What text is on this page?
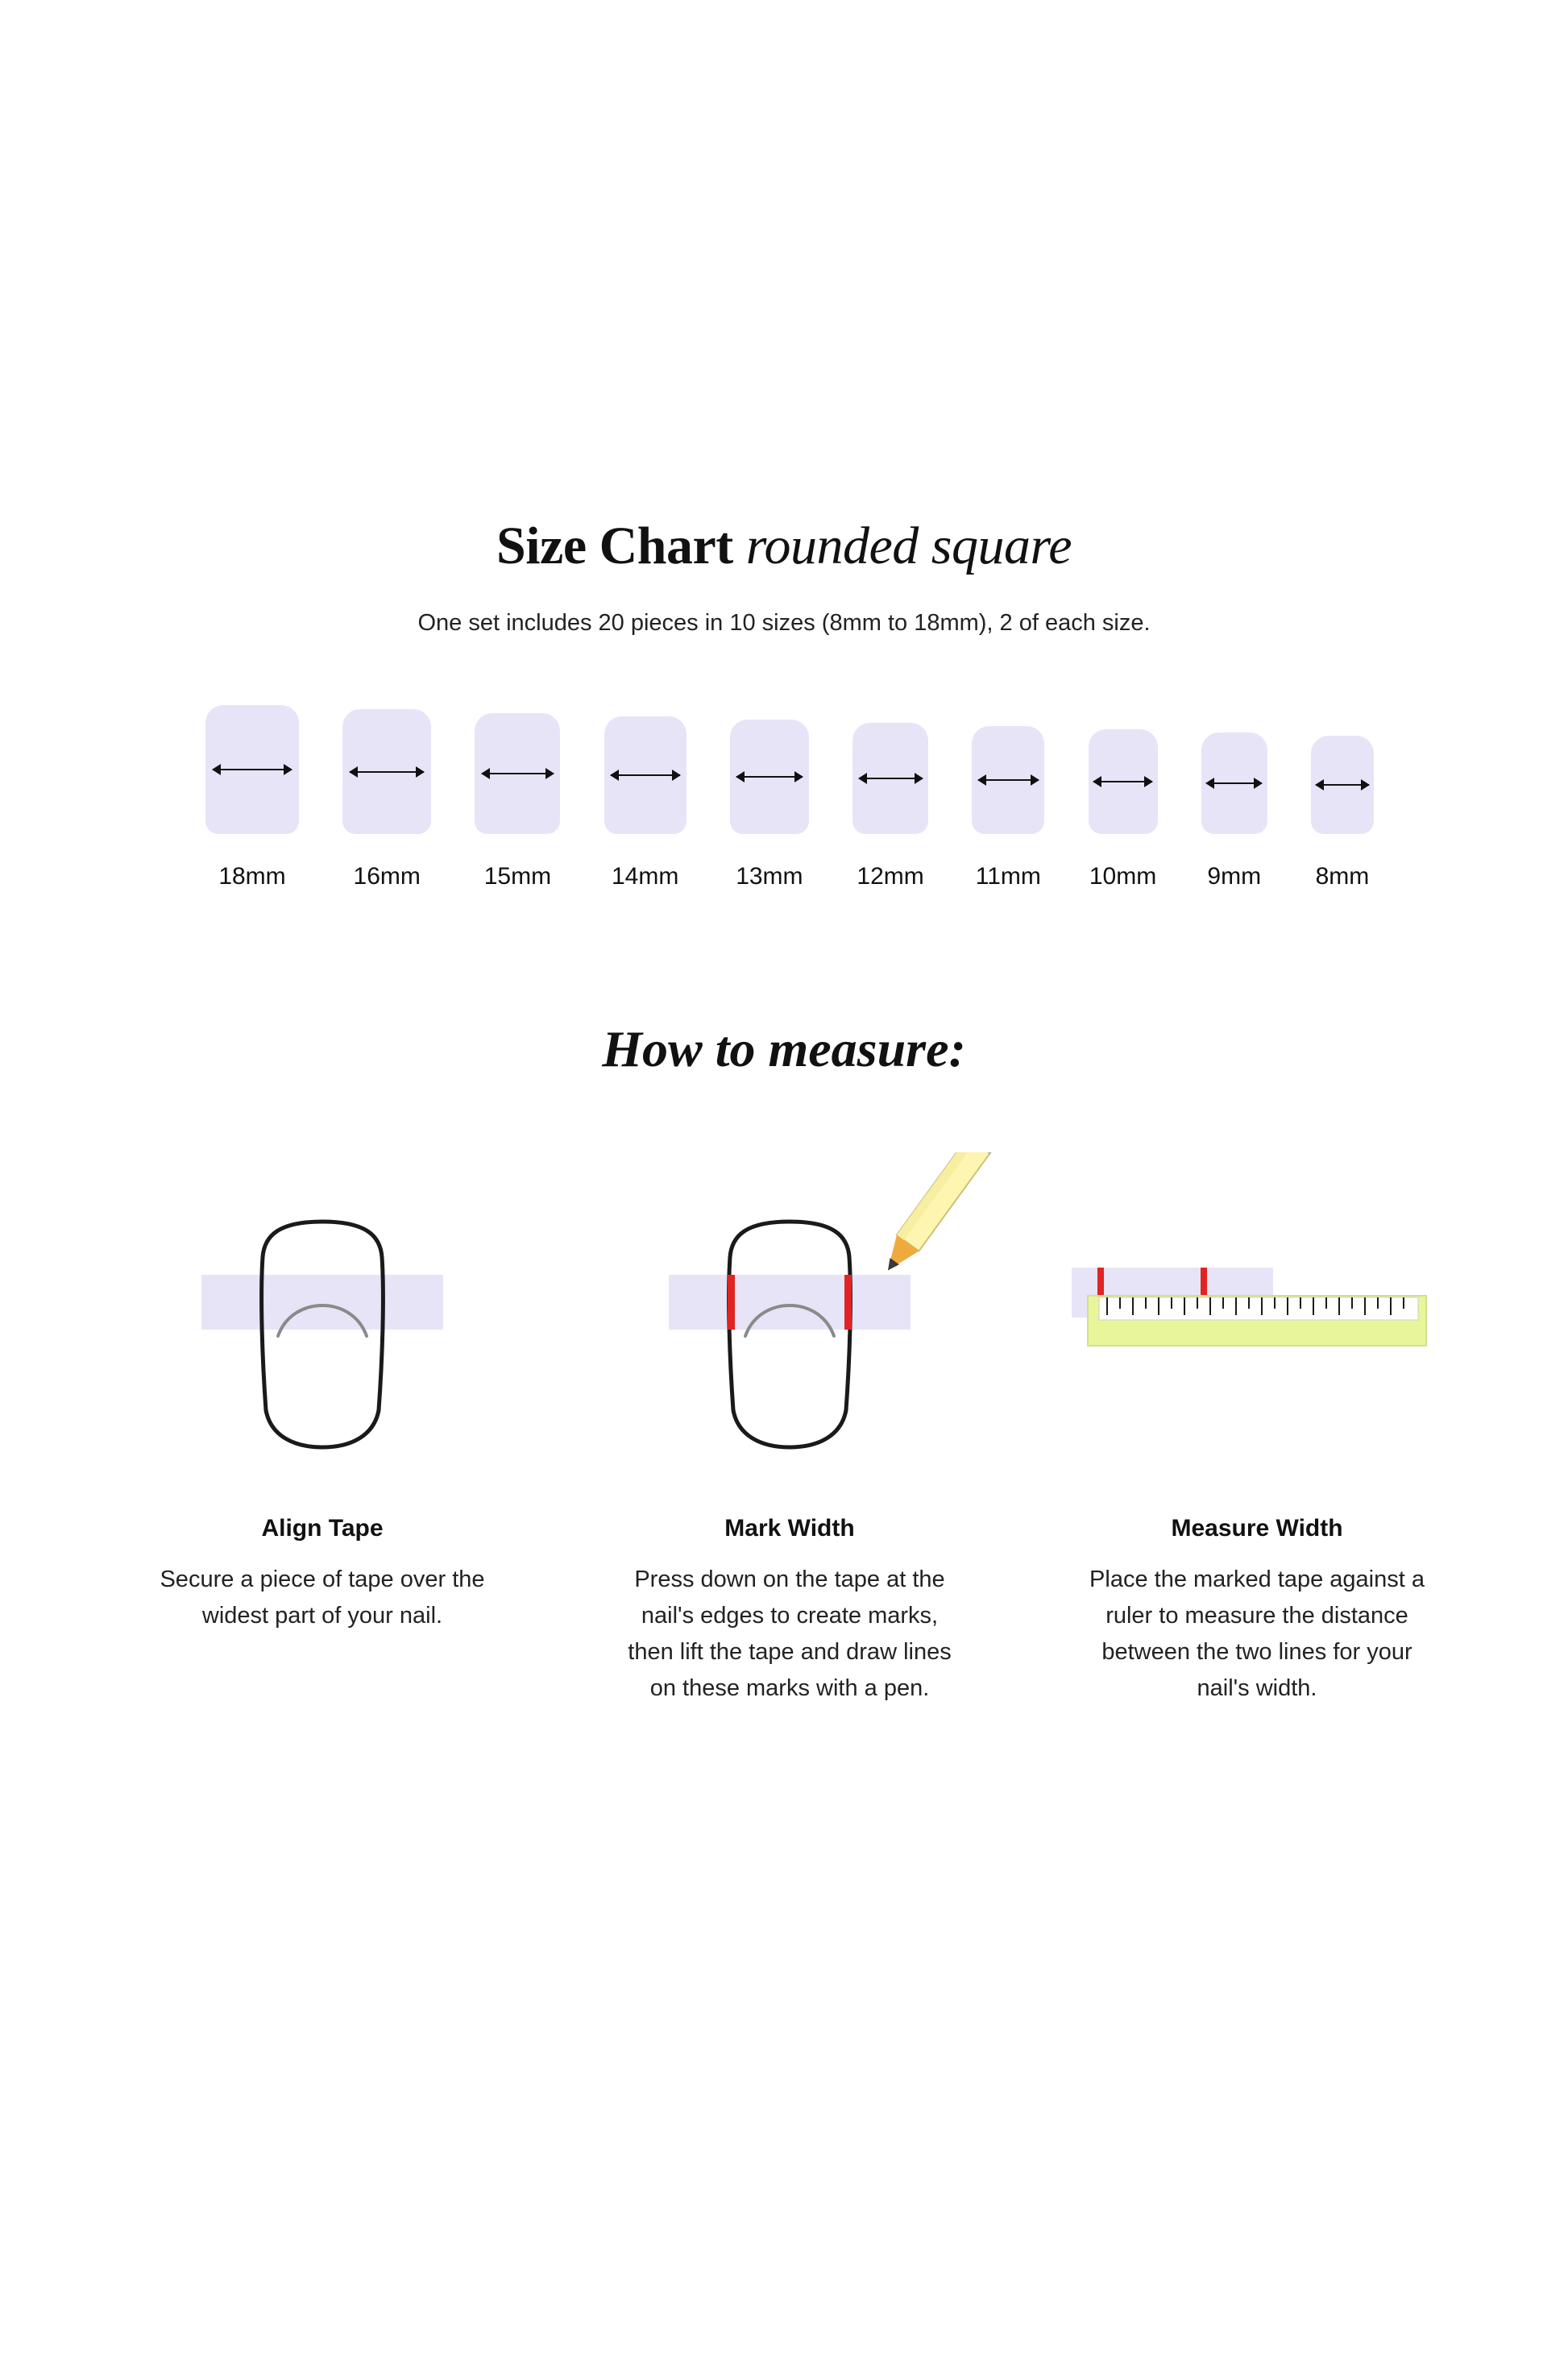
Size Chart rounded square
One set includes 20 pieces in 10 sizes (8mm to 18mm), 2 of each size.
18mm	16mm	15mm 14mm 13mm 12mm 11mm 10mm 9mm 8mm
How to measure:
Align Tape
Secure a piece of tape over the widest part of your nail.
Mark Width
Press down on the tape at the nail's edges to create marks, then lift the tape and draw lines on these marks with a pen.
Measure Width
Place the marked tape against a ruler to measure the distance between the two lines for your nail's width.
